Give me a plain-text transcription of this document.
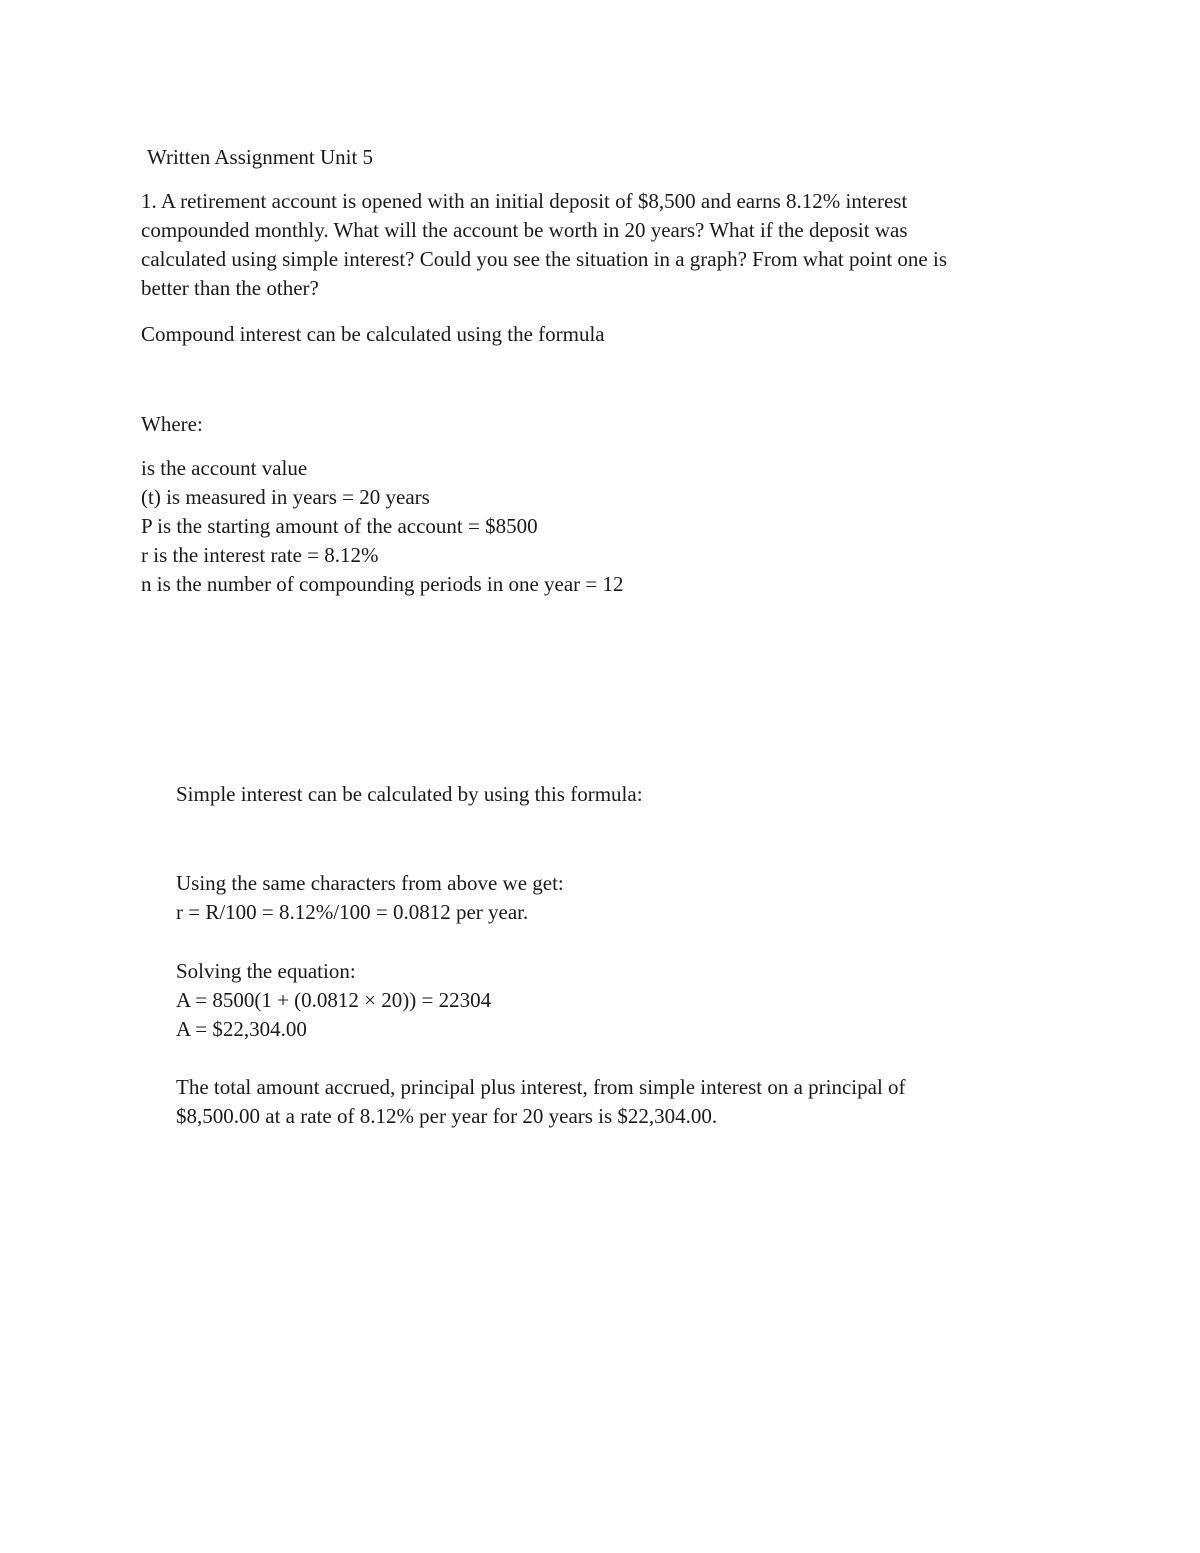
Written Assignment Unit 5
1. A retirement account is opened with an initial deposit of $8,500 and earns 8.12% interest
compounded monthly. What will the account be worth in 20 years? What if the deposit was
calculated using simple interest? Could you see the situation in a graph? From what point one is
better than the other?
Compound interest can be calculated using the formula
Where:
is the account value
(t) is measured in years = 20 years
P is the starting amount of the account = $8500
r is the interest rate = 8.12%
n is the number of compounding periods in one year = 12
Simple interest can be calculated by using this formula:
Using the same characters from above we get:
r = R/100 = 8.12%/100 = 0.0812 per year.
Solving the equation:
A = 8500(1 + (0.0812 × 20)) = 22304
A = $22,304.00
The total amount accrued, principal plus interest, from simple interest on a principal of
$8,500.00 at a rate of 8.12% per year for 20 years is $22,304.00.
